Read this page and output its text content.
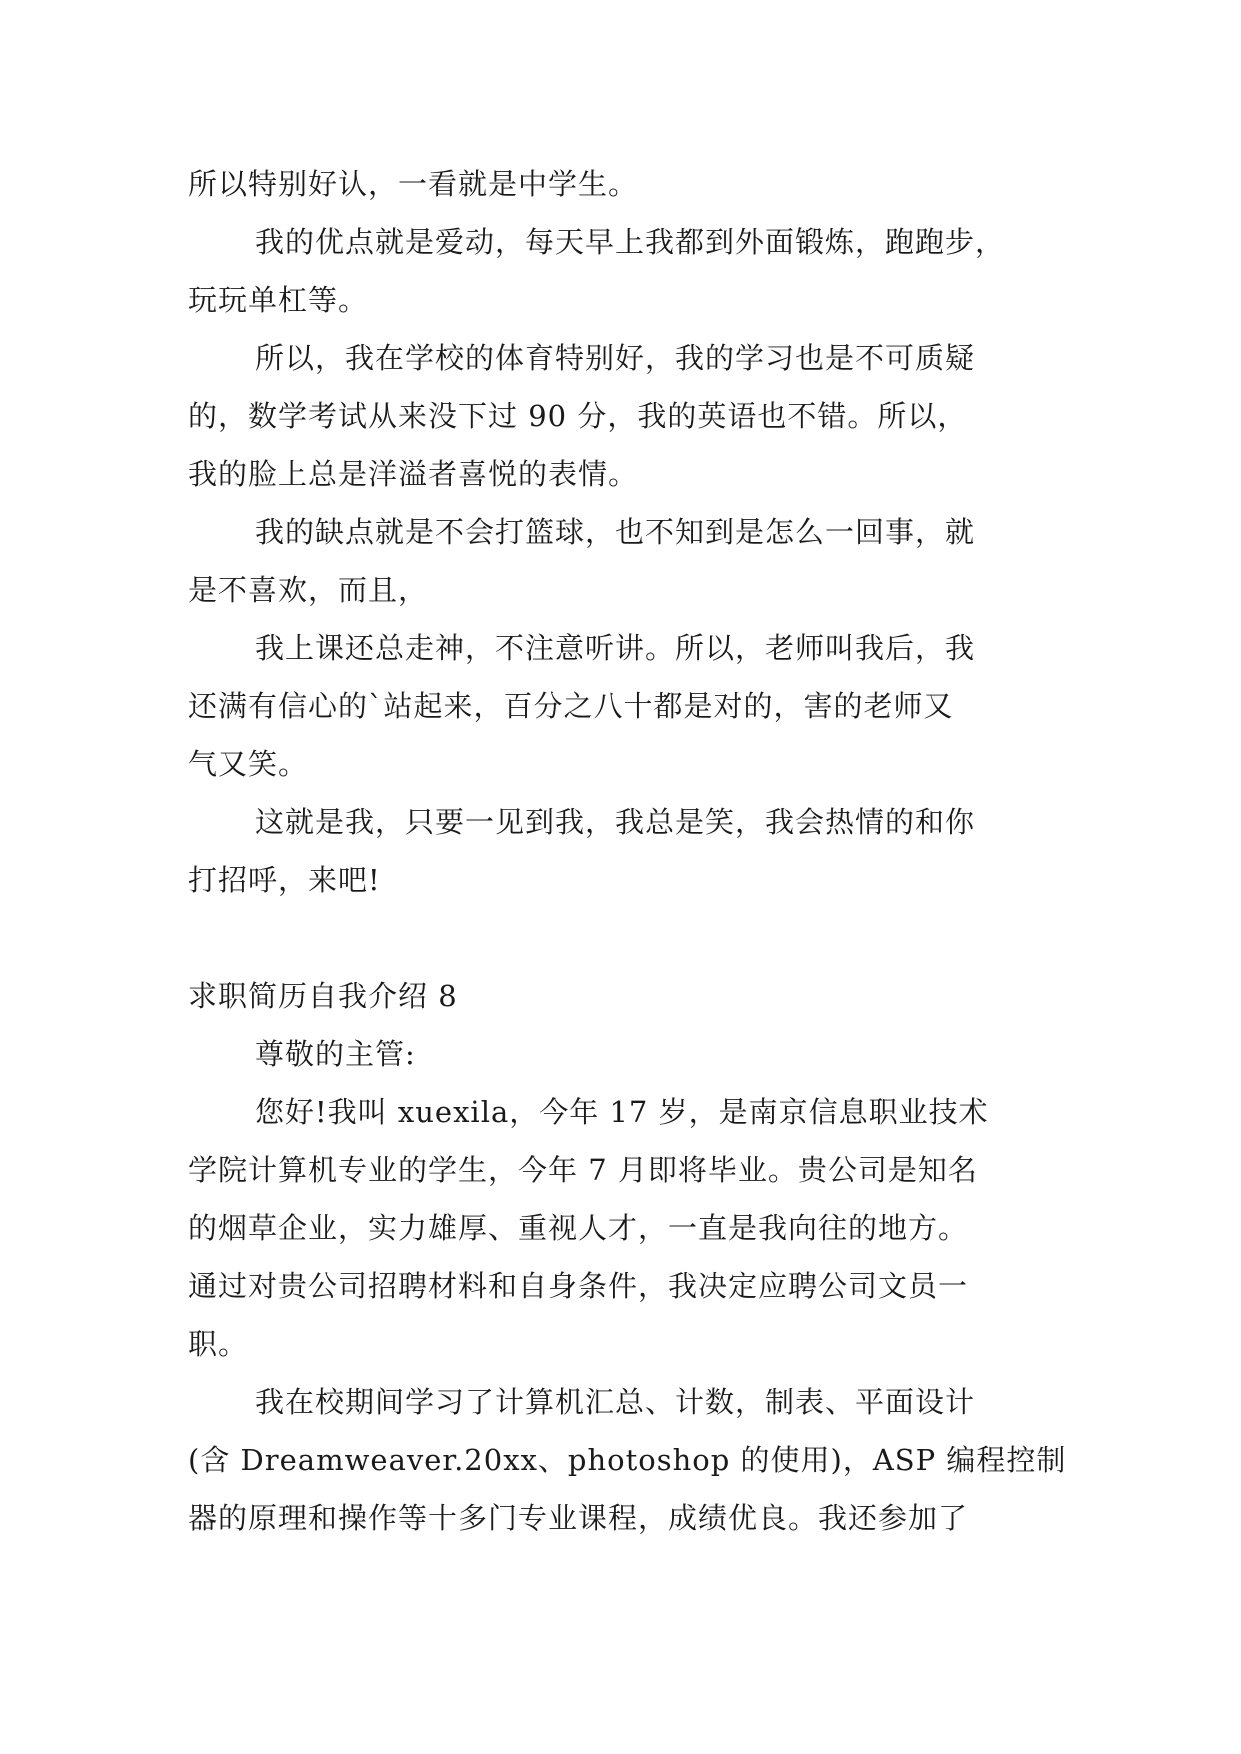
所以特别好认，一看就是中学生。
我的优点就是爱动，每天早上我都到外面锻炼，跑跑步，
玩玩单杠等。
所以，我在学校的体育特别好，我的学习也是不可质疑
的，数学考试从来没下过 90 分，我的英语也不错。所以，
我的脸上总是洋溢者喜悦的表情。
我的缺点就是不会打篮球，也不知到是怎么一回事，就
是不喜欢，而且，
我上课还总走神，不注意听讲。所以，老师叫我后，我
还满有信心的`站起来，百分之八十都是对的，害的老师又
气又笑。
这就是我，只要一见到我，我总是笑，我会热情的和你
打招呼，来吧!
求职简历自我介绍 8
尊敬的主管:
您好!我叫 xuexila，今年 17 岁，是南京信息职业技术
学院计算机专业的学生，今年 7 月即将毕业。贵公司是知名
的烟草企业，实力雄厚、重视人才，一直是我向往的地方。
通过对贵公司招聘材料和自身条件，我决定应聘公司文员一
职。
我在校期间学习了计算机汇总、计数，制表、平面设计
(含 Dreamweaver.20xx、photoshop 的使用)，ASP 编程控制
器的原理和操作等十多门专业课程，成绩优良。我还参加了
